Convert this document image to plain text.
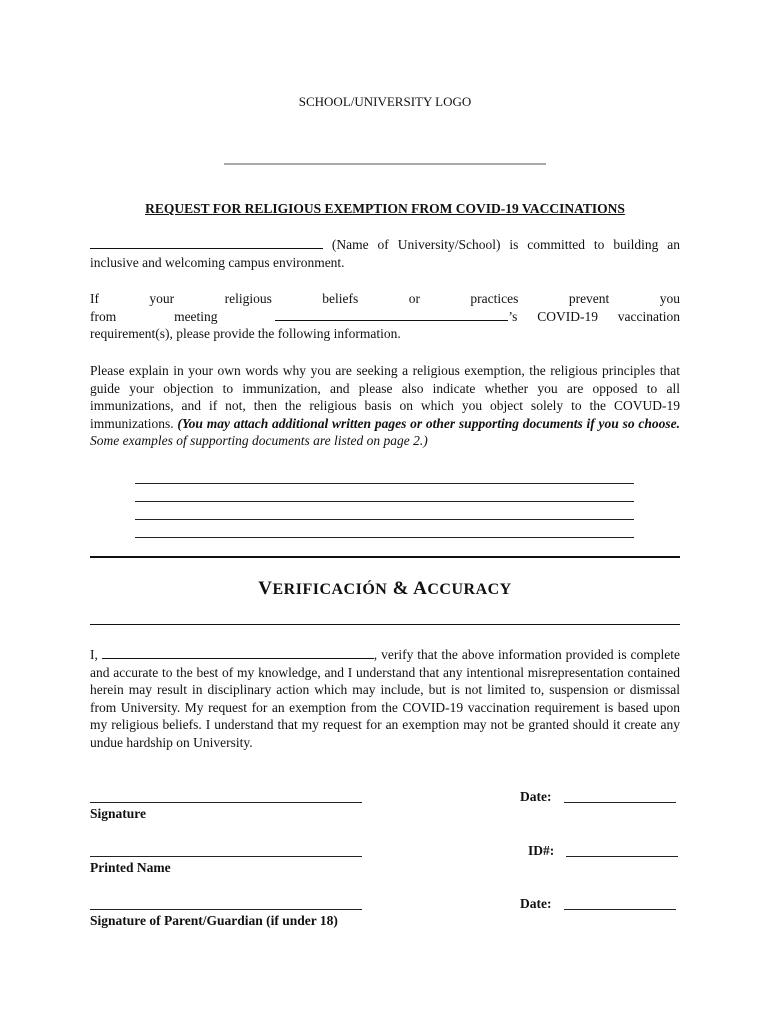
SCHOOL/UNIVERSITY LOGO
REQUEST FOR RELIGIOUS EXEMPTION FROM COVID-19 VACCINATIONS

(Name of University/School) is committed to building an inclusive and welcoming campus environment.

If your religious beliefs or practices prevent you from meeting	’s COVID-19 vaccination requirement(s), please provide the following information.

Please explain in your own words why you are seeking a religious exemption, the religious principles that guide your objection to immunization, and please also indicate whether you are opposed to all immunizations, and if not, then the religious basis on which you object solely to the COVUD-19 immunizations. (You may attach additional written pages or other supporting documents if you so choose. Some examples of supporting documents are listed on page 2.)

VERIFICACIÓN & ACCURACY

I,	, verify that the above information provided is complete and accurate to the best of my knowledge, and I understand that any intentional misrepresentation contained herein may result in disciplinary action which may include, but is not limited to, suspension or dismissal from University. My request for an exemption from the COVID-19 vaccination requirement is based upon my religious beliefs. I understand that my request for an exemption may not be granted should it create any undue hardship on University.

Signature
Date:
Printed Name
ID#:
Signature of Parent/Guardian (if under 18)
Date:
